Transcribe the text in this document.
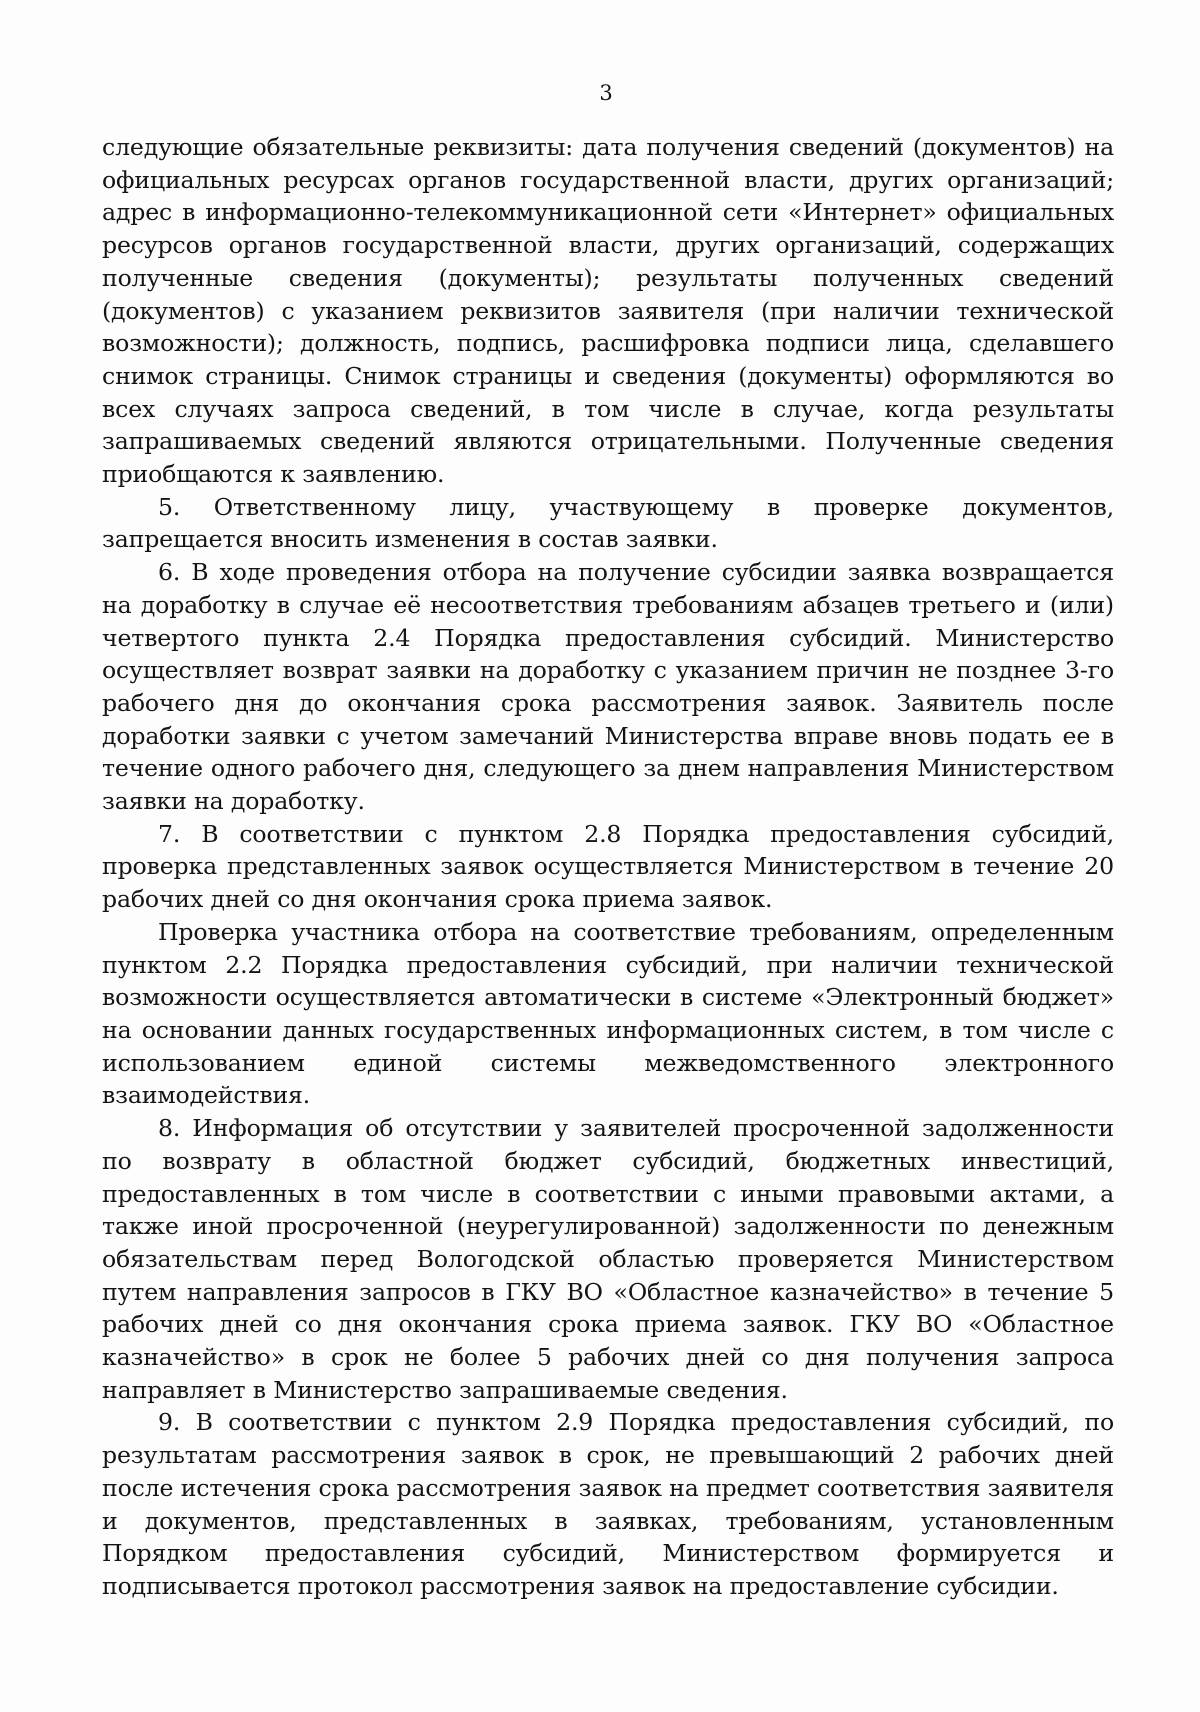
3

следующие обязательные реквизиты: дата получения сведений (документов) на официальных ресурсах органов государственной власти, других организаций; адрес в информационно-телекоммуникационной сети «Интернет» официальных ресурсов органов государственной власти, других организаций, содержащих полученные сведения (документы); результаты полученных сведений (документов) с указанием реквизитов заявителя (при наличии технической возможности); должность, подпись, расшифровка подписи лица, сделавшего снимок страницы. Снимок страницы и сведения (документы) оформляются во всех случаях запроса сведений, в том числе в случае, когда результаты запрашиваемых сведений являются отрицательными. Полученные сведения приобщаются к заявлению.

5. Ответственному лицу, участвующему в проверке документов, запрещается вносить изменения в состав заявки.

6. В ходе проведения отбора на получение субсидии заявка возвращается на доработку в случае её несоответствия требованиям абзацев третьего и (или) четвертого пункта 2.4 Порядка предоставления субсидий. Министерство осуществляет возврат заявки на доработку с указанием причин не позднее 3-го рабочего дня до окончания срока рассмотрения заявок. Заявитель после доработки заявки с учетом замечаний Министерства вправе вновь подать ее в течение одного рабочего дня, следующего за днем направления Министерством заявки на доработку.

7. В соответствии с пунктом 2.8 Порядка предоставления субсидий, проверка представленных заявок осуществляется Министерством в течение 20 рабочих дней со дня окончания срока приема заявок.

Проверка участника отбора на соответствие требованиям, определенным пунктом 2.2 Порядка предоставления субсидий, при наличии технической возможности осуществляется автоматически в системе «Электронный бюджет» на основании данных государственных информационных систем, в том числе с использованием единой системы межведомственного электронного взаимодействия.

8. Информация об отсутствии у заявителей просроченной задолженности по возврату в областной бюджет субсидий, бюджетных инвестиций, предоставленных в том числе в соответствии с иными правовыми актами, а также иной просроченной (неурегулированной) задолженности по денежным обязательствам перед Вологодской областью проверяется Министерством путем направления запросов в ГКУ ВО «Областное казначейство» в течение 5 рабочих дней со дня окончания срока приема заявок. ГКУ ВО «Областное казначейство» в срок не более 5 рабочих дней со дня получения запроса направляет в Министерство запрашиваемые сведения.

9. В соответствии с пунктом 2.9 Порядка предоставления субсидий, по результатам рассмотрения заявок в срок, не превышающий 2 рабочих дней после истечения срока рассмотрения заявок на предмет соответствия заявителя и документов, представленных в заявках, требованиям, установленным Порядком предоставления субсидий, Министерством формируется и подписывается протокол рассмотрения заявок на предоставление субсидии.
